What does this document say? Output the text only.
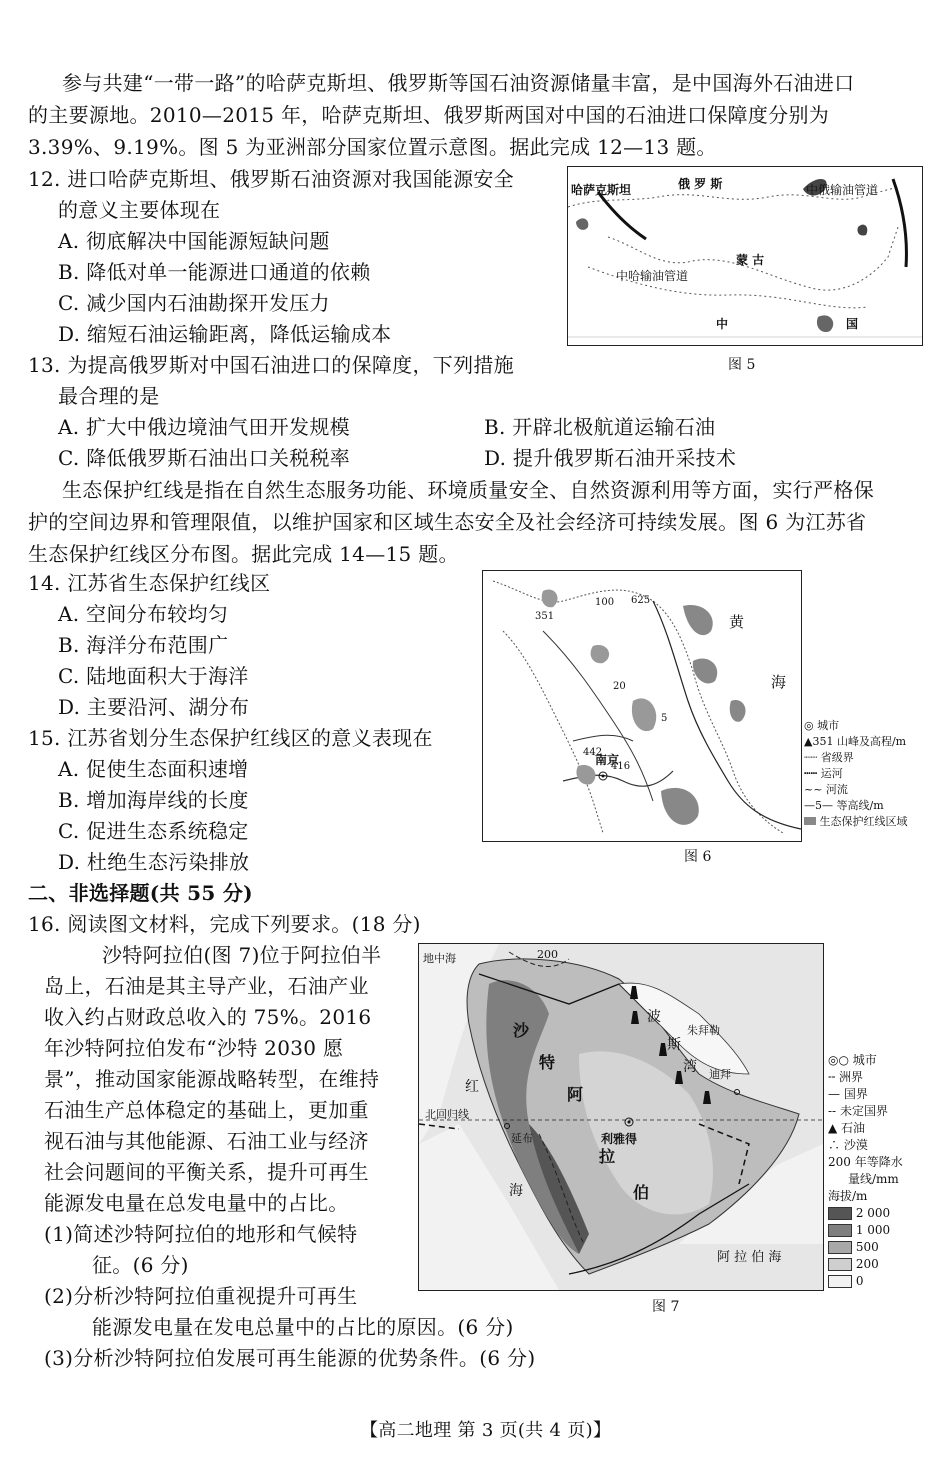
参与共建“一带一路”的哈萨克斯坦、俄罗斯等国石油资源储量丰富，是中国海外石油进口
的主要源地。2010—2015 年，哈萨克斯坦、俄罗斯两国对中国的石油进口保障度分别为
3.39%、9.19%。图 5 为亚洲部分国家位置示意图。据此完成 12—13 题。
12. 进口哈萨克斯坦、俄罗斯石油资源对我国能源安全
的意义主要体现在
A. 彻底解决中国能源短缺问题
B. 降低对单一能源进口通道的依赖
C. 减少国内石油勘探开发压力
D. 缩短石油运输距离，降低运输成本
13. 为提高俄罗斯对中国石油进口的保障度，下列措施
最合理的是
A. 扩大中俄边境油气田开发规模	B. 开辟北极航道运输石油
C. 降低俄罗斯石油出口关税税率	D. 提升俄罗斯石油开采技术
哈萨克斯坦	俄 罗 斯	中俄输油管道
中哈输油管道
蒙 古
中	国
图 5
生态保护红线是指在自然生态服务功能、环境质量安全、自然资源利用等方面，实行严格保
护的空间边界和管理限值，以维护国家和区域生态安全及社会经济可持续发展。图 6 为江苏省
生态保护红线区分布图。据此完成 14—15 题。
14. 江苏省生态保护红线区
A. 空间分布较均匀
B. 海洋分布范围广
C. 陆地面积大于海洋
D. 主要沿河、湖分布
15. 江苏省划分生态保护红线区的意义表现在
A. 促使生态面积速增
B. 增加海岸线的长度
C. 促进生态系统稳定
D. 杜绝生态污染排放
黄
海
南京
351
625
442
416
100
20
5
◎ 城市
▲351 山峰及高程/m
┈┈ 省级界
┅┅ 运河
~~ 河流
—5— 等高线/m
生态保护红线区域
图 6
二、非选择题(共 55 分)
16. 阅读图文材料，完成下列要求。(18 分)
沙特阿拉伯(图 7)位于阿拉伯半
岛上，石油是其主导产业，石油产业
收入约占财政总收入的 75%。2016
年沙特阿拉伯发布“沙特 2030 愿
景”，推动国家能源战略转型，在维持
石油生产总体稳定的基础上，更加重
视石油与其他能源、石油工业与经济
社会问题间的平衡关系，提升可再生
能源发电量在总发电量中的占比。
(1)简述沙特阿拉伯的地形和气候特
征。(6 分)
(2)分析沙特阿拉伯重视提升可再生
能源发电量在发电总量中的占比的原因。(6 分)
(3)分析沙特阿拉伯发展可再生能源的优势条件。(6 分)
地中海	200
沙
特
阿
拉
伯
利雅得
延布
北回归线
红
海
波
斯
湾
朱拜勒
迪拜
阿 拉 伯 海
◎○ 城市
╌ 洲界
— 国界
-- 未定国界
▲ 石油
∴ 沙漠
200 年等降水
量线/mm
海拔/m
2 000
1 000
500
200
0
图 7
【高二地理 第 3 页(共 4 页)】
